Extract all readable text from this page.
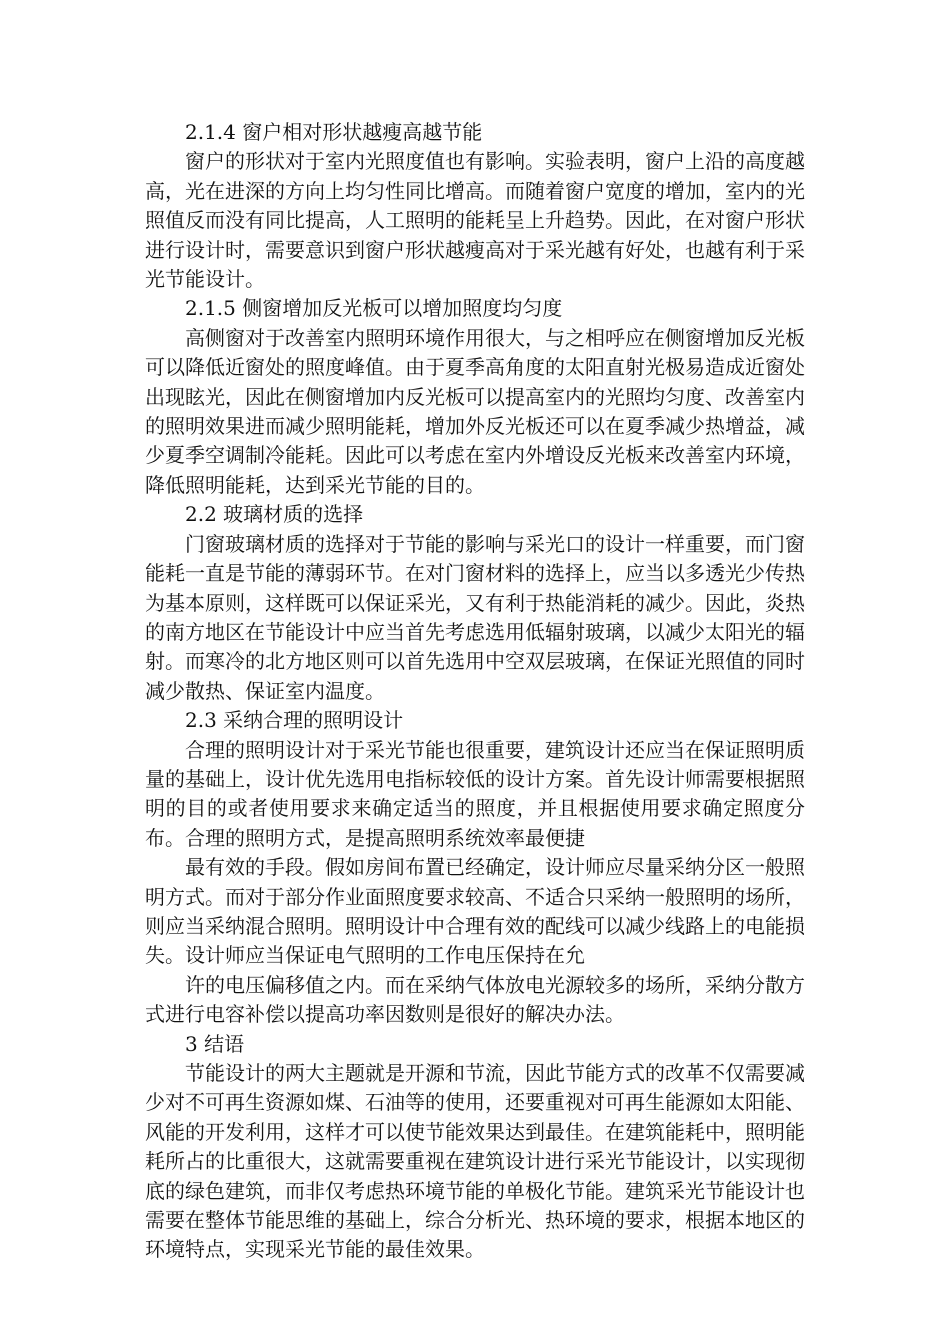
2.1.4 窗户相对形状越瘦高越节能

窗户的形状对于室内光照度值也有影响。实验表明，窗户上沿的高度越高，光在进深的方向上均匀性同比增高。而随着窗户宽度的增加，室内的光照值反而没有同比提高，人工照明的能耗呈上升趋势。因此，在对窗户形状进行设计时，需要意识到窗户形状越瘦高对于采光越有好处，也越有利于采光节能设计。

2.1.5 侧窗增加反光板可以增加照度均匀度

高侧窗对于改善室内照明环境作用很大，与之相呼应在侧窗增加反光板可以降低近窗处的照度峰值。由于夏季高角度的太阳直射光极易造成近窗处出现眩光，因此在侧窗增加内反光板可以提高室内的光照均匀度、改善室内的照明效果进而减少照明能耗，增加外反光板还可以在夏季减少热增益，减少夏季空调制冷能耗。因此可以考虑在室内外增设反光板来改善室内环境，降低照明能耗，达到采光节能的目的。

2.2 玻璃材质的选择

门窗玻璃材质的选择对于节能的影响与采光口的设计一样重要，而门窗能耗一直是节能的薄弱环节。在对门窗材料的选择上，应当以多透光少传热为基本原则，这样既可以保证采光，又有利于热能消耗的减少。因此，炎热的南方地区在节能设计中应当首先考虑选用低辐射玻璃，以减少太阳光的辐射。而寒冷的北方地区则可以首先选用中空双层玻璃，在保证光照值的同时减少散热、保证室内温度。

2.3 采纳合理的照明设计

合理的照明设计对于采光节能也很重要，建筑设计还应当在保证照明质量的基础上，设计优先选用电指标较低的设计方案。首先设计师需要根据照明的目的或者使用要求来确定适当的照度，并且根据使用要求确定照度分布。合理的照明方式，是提高照明系统效率最便捷

最有效的手段。假如房间布置已经确定，设计师应尽量采纳分区一般照明方式。而对于部分作业面照度要求较高、不适合只采纳一般照明的场所，则应当采纳混合照明。照明设计中合理有效的配线可以减少线路上的电能损失。设计师应当保证电气照明的工作电压保持在允

许的电压偏移值之内。而在采纳气体放电光源较多的场所，采纳分散方式进行电容补偿以提高功率因数则是很好的解决办法。

3 结语

节能设计的两大主题就是开源和节流，因此节能方式的改革不仅需要减少对不可再生资源如煤、石油等的使用，还要重视对可再生能源如太阳能、风能的开发利用，这样才可以使节能效果达到最佳。在建筑能耗中，照明能耗所占的比重很大，这就需要重视在建筑设计进行采光节能设计，以实现彻底的绿色建筑，而非仅考虑热环境节能的单极化节能。建筑采光节能设计也需要在整体节能思维的基础上，综合分析光、热环境的要求，根据本地区的环境特点，实现采光节能的最佳效果。
